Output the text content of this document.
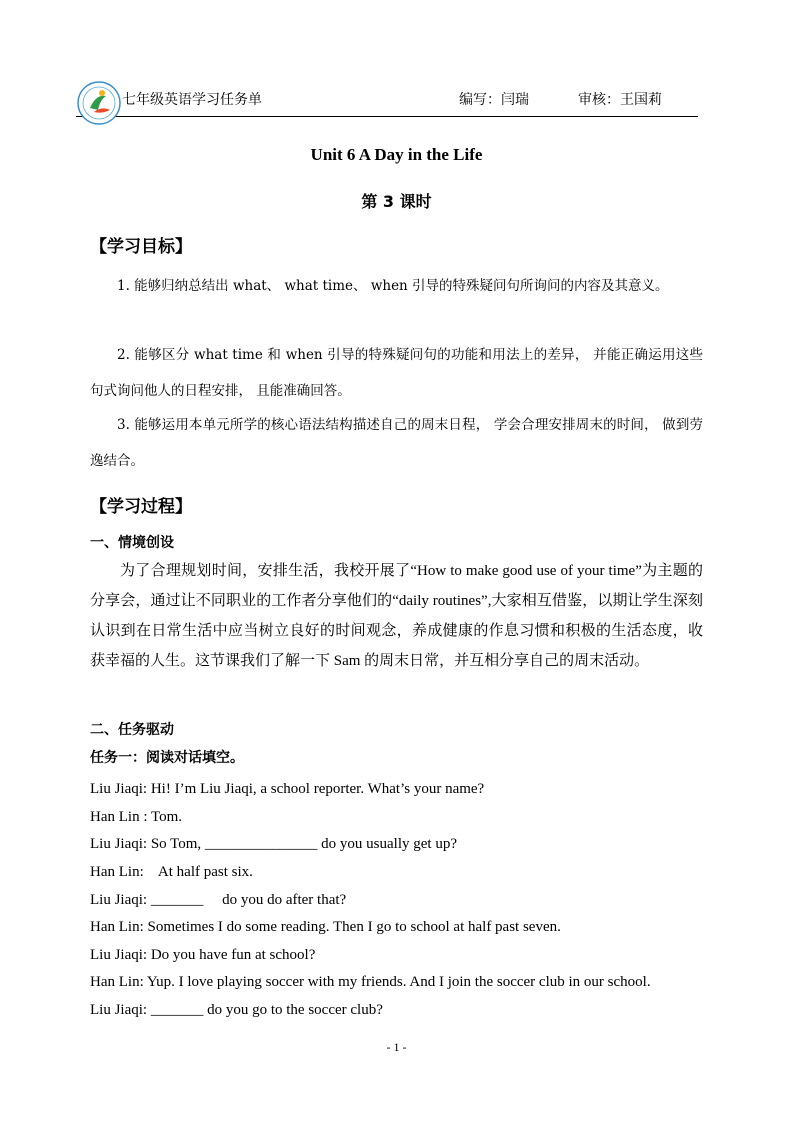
七年级英语学习任务单	编写：闫瑞	审核：王国莉
Unit 6 A Day in the Life
第 3 课时
【学习目标】
1. 能够归纳总结出 what、 what time、 when 引导的特殊疑问句所询问的内容及其意义。
2. 能够区分 what time 和 when 引导的特殊疑问句的功能和用法上的差异， 并能正确运用这些句式询问他人的日程安排， 且能准确回答。
3. 能够运用本单元所学的核心语法结构描述自己的周末日程， 学会合理安排周末的时间， 做到劳逸结合。
【学习过程】
一、情境创设
为了合理规划时间，安排生活，我校开展了“How to make good use of your time”为主题的分享会，通过让不同职业的工作者分享他们的“daily routines”,大家相互借鉴，以期让学生深刻认识到在日常生活中应当树立良好的时间观念，养成健康的作息习惯和积极的生活态度，收获幸福的人生。这节课我们了解一下 Sam 的周末日常，并互相分享自己的周末活动。
二、任务驱动
任务一：阅读对话填空。
Liu Jiaqi: Hi! I’m Liu Jiaqi, a school reporter. What’s your name?
Han Lin : Tom.
Liu Jiaqi: So Tom, _______________ do you usually get up?
Han Lin:    At half past six.
Liu Jiaqi: _______     do you do after that?
Han Lin: Sometimes I do some reading. Then I go to school at half past seven.
Liu Jiaqi: Do you have fun at school?
Han Lin: Yup. I love playing soccer with my friends. And I join the soccer club in our school.
Liu Jiaqi: _______ do you go to the soccer club?
- 1 -
